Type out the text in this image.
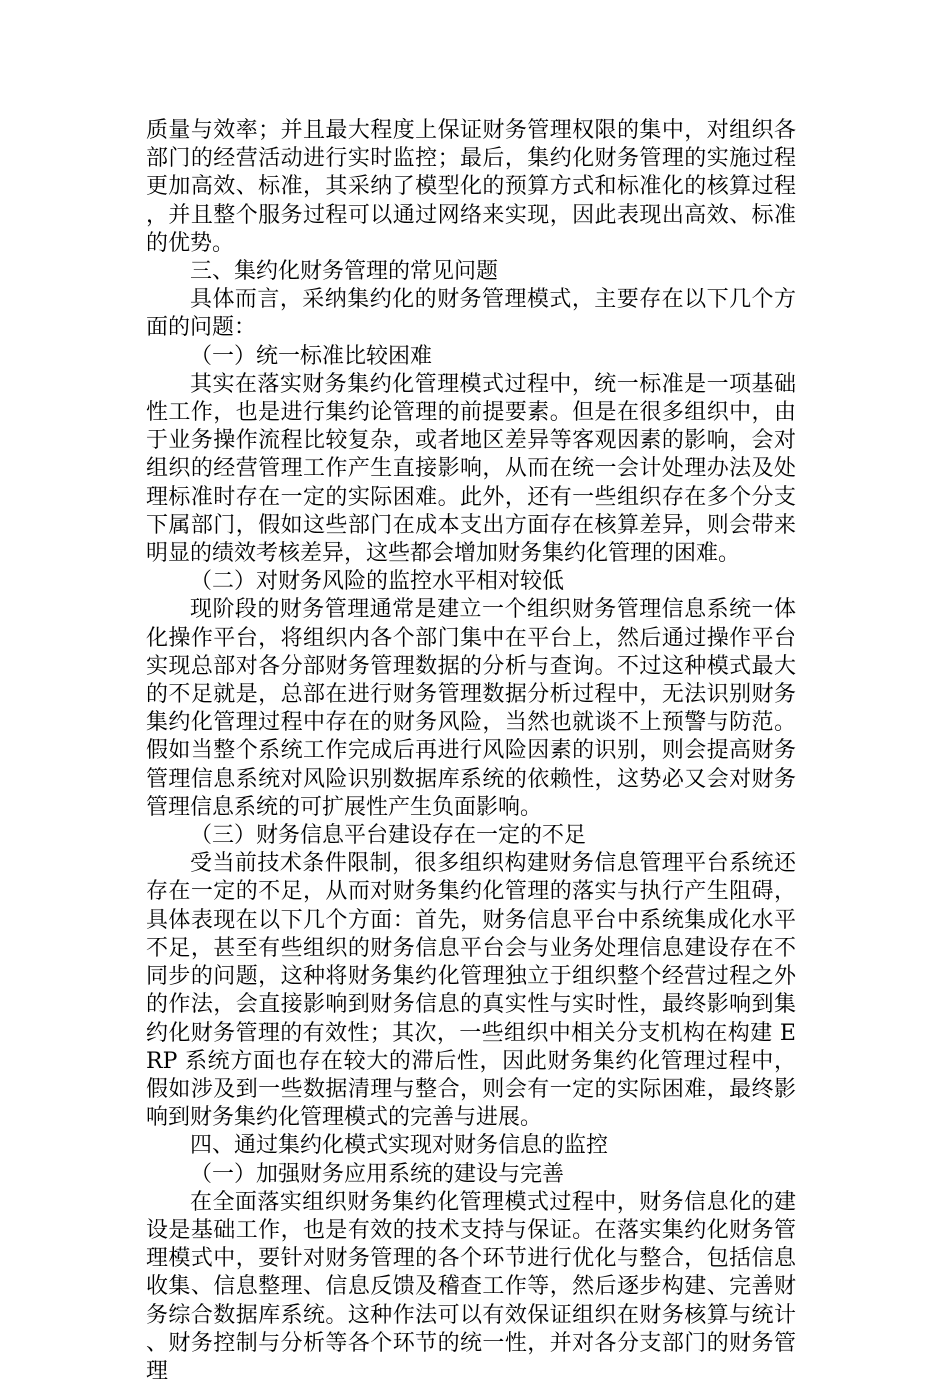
质量与效率；并且最大程度上保证财务管理权限的集中，对组织各部门的经营活动进行实时监控；最后，集约化财务管理的实施过程更加高效、标准，其采纳了模型化的预算方式和标准化的核算过程，并且整个服务过程可以通过网络来实现，因此表现出高效、标准的优势。

三、集约化财务管理的常见问题

具体而言，采纳集约化的财务管理模式，主要存在以下几个方面的问题：

（一）统一标准比较困难

其实在落实财务集约化管理模式过程中，统一标准是一项基础性工作，也是进行集约论管理的前提要素。但是在很多组织中，由于业务操作流程比较复杂，或者地区差异等客观因素的影响，会对组织的经营管理工作产生直接影响，从而在统一会计处理办法及处理标准时存在一定的实际困难。此外，还有一些组织存在多个分支下属部门，假如这些部门在成本支出方面存在核算差异，则会带来明显的绩效考核差异，这些都会增加财务集约化管理的困难。

（二）对财务风险的监控水平相对较低

现阶段的财务管理通常是建立一个组织财务管理信息系统一体化操作平台，将组织内各个部门集中在平台上，然后通过操作平台实现总部对各分部财务管理数据的分析与查询。不过这种模式最大的不足就是，总部在进行财务管理数据分析过程中，无法识别财务集约化管理过程中存在的财务风险，当然也就谈不上预警与防范。假如当整个系统工作完成后再进行风险因素的识别，则会提高财务管理信息系统对风险识别数据库系统的依赖性，这势必又会对财务管理信息系统的可扩展性产生负面影响。

（三）财务信息平台建设存在一定的不足

受当前技术条件限制，很多组织构建财务信息管理平台系统还存在一定的不足，从而对财务集约化管理的落实与执行产生阻碍，具体表现在以下几个方面：首先，财务信息平台中系统集成化水平不足，甚至有些组织的财务信息平台会与业务处理信息建设存在不同步的问题，这种将财务集约化管理独立于组织整个经营过程之外的作法，会直接影响到财务信息的真实性与实时性，最终影响到集约化财务管理的有效性；其次，一些组织中相关分支机构在构建 ERP 系统方面也存在较大的滞后性，因此财务集约化管理过程中，假如涉及到一些数据清理与整合，则会有一定的实际困难，最终影响到财务集约化管理模式的完善与进展。

四、通过集约化模式实现对财务信息的监控

（一）加强财务应用系统的建设与完善

在全面落实组织财务集约化管理模式过程中，财务信息化的建设是基础工作，也是有效的技术支持与保证。在落实集约化财务管理模式中，要针对财务管理的各个环节进行优化与整合，包括信息收集、信息整理、信息反馈及稽查工作等，然后逐步构建、完善财务综合数据库系统。这种作法可以有效保证组织在财务核算与统计、财务控制与分析等各个环节的统一性，并对各分支部门的财务管理
